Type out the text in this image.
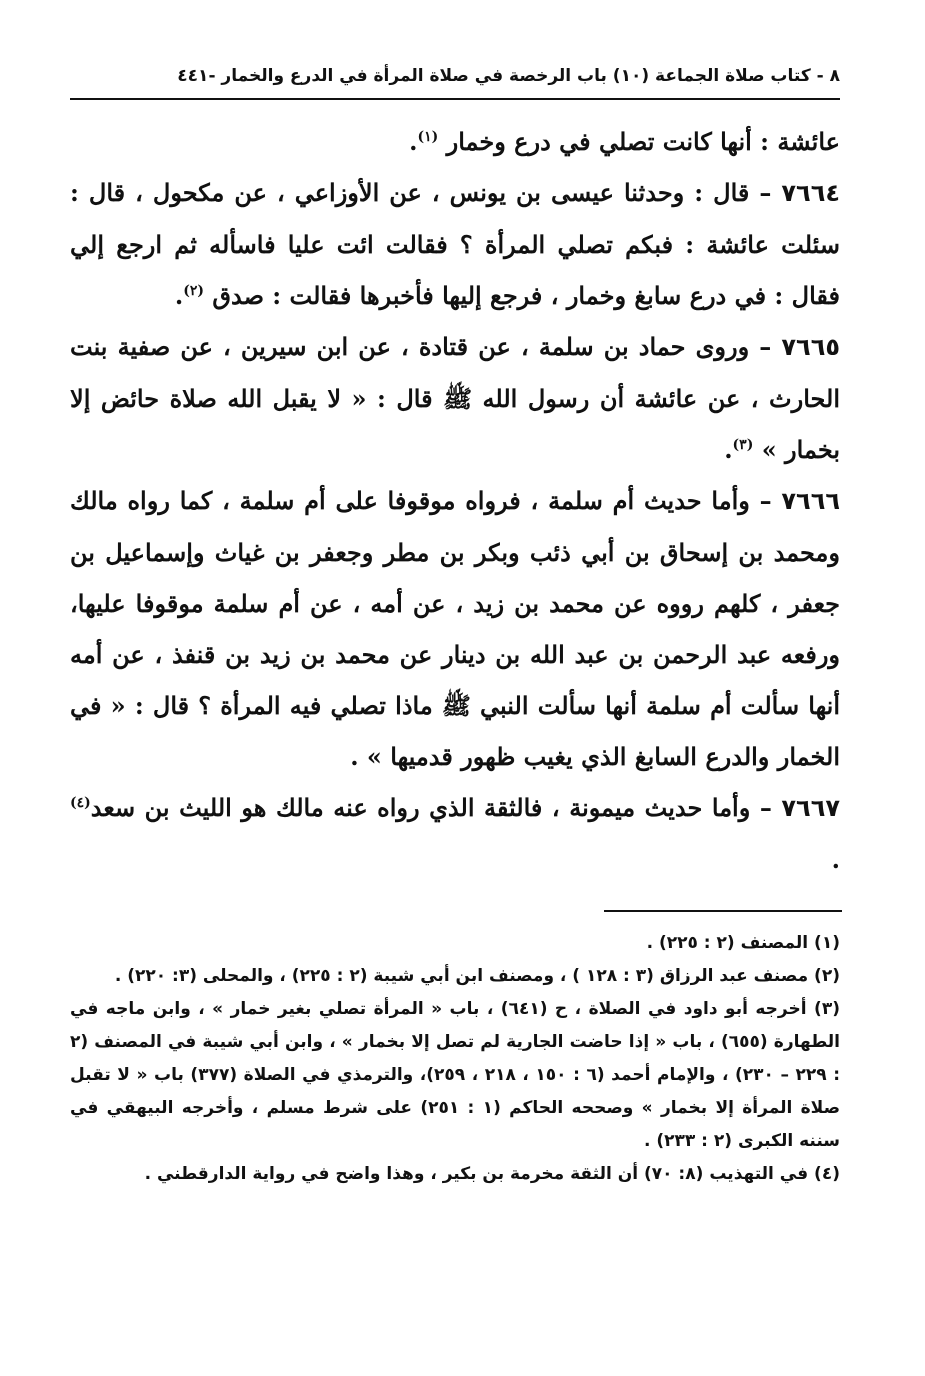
٨ - كتاب صلاة الجماعة (١٠) باب الرخصة في صلاة المرأة في الدرع والخمار -٤٤١

عائشة : أنها كانت تصلي في درع وخمار $^{(١)}$.

٧٦٦٤ – قال : وحدثنا عيسى بن يونس ، عن الأوزاعي ، عن مكحول ، قال : سئلت عائشة : فبكم تصلي المرأة ؟ فقالت ائت عليا فاسأله ثم ارجع إلي فقال : في درع سابغ وخمار ، فرجع إليها فأخبرها فقالت : صدق $^{(٢)}$.

٧٦٦٥ – وروى حماد بن سلمة ، عن قتادة ، عن ابن سيرين ، عن صفية بنت الحارث ، عن عائشة أن رسول الله ﷺ قال : « لا يقبل الله صلاة حائض إلا بخمار » $^{(٣)}$.

٧٦٦٦ – وأما حديث أم سلمة ، فرواه موقوفا على أم سلمة ، كما رواه مالك ومحمد بن إسحاق بن أبي ذئب وبكر بن مطر وجعفر بن غياث وإسماعيل بن جعفر ، كلهم رووه عن محمد بن زيد ، عن أمه ، عن أم سلمة موقوفا عليها، ورفعه عبد الرحمن بن عبد الله بن دينار عن محمد بن زيد بن قنفذ ، عن أمه أنها سألت أم سلمة أنها سألت النبي ﷺ ماذا تصلي فيه المرأة ؟ قال : « في الخمار والدرع السابغ الذي يغيب ظهور قدميها » .

٧٦٦٧ – وأما حديث ميمونة ، فالثقة الذي رواه عنه مالك هو الليث بن سعد$^{(٤)}$ .

(١) المصنف (٢ : ٢٢٥) .

(٢) مصنف عبد الرزاق (٣ : ١٢٨ ) ، ومصنف ابن أبي شيبة (٢ : ٢٢٥) ، والمحلى (٣: ٢٢٠) .

(٣) أخرجه أبو داود في الصلاة ، ح (٦٤١) ، باب « المرأة تصلي بغير خمار » ، وابن ماجه في الطهارة (٦٥٥) ، باب « إذا حاضت الجارية لم تصل إلا بخمار » ، وابن أبي شيبة في المصنف (٢ : ٢٢٩ – ٢٣٠) ، والإمام أحمد (٦ : ١٥٠ ، ٢١٨ ، ٢٥٩)، والترمذي في الصلاة (٣٧٧) باب « لا تقبل صلاة المرأة إلا بخمار » وصححه الحاكم (١ : ٢٥١) على شرط مسلم ، وأخرجه البيهقي في سننه الكبرى (٢ : ٢٣٣) .

(٤) في التهذيب (٨: ٧٠) أن الثقة مخرمة بن بكير ، وهذا واضح في رواية الدارقطني .
